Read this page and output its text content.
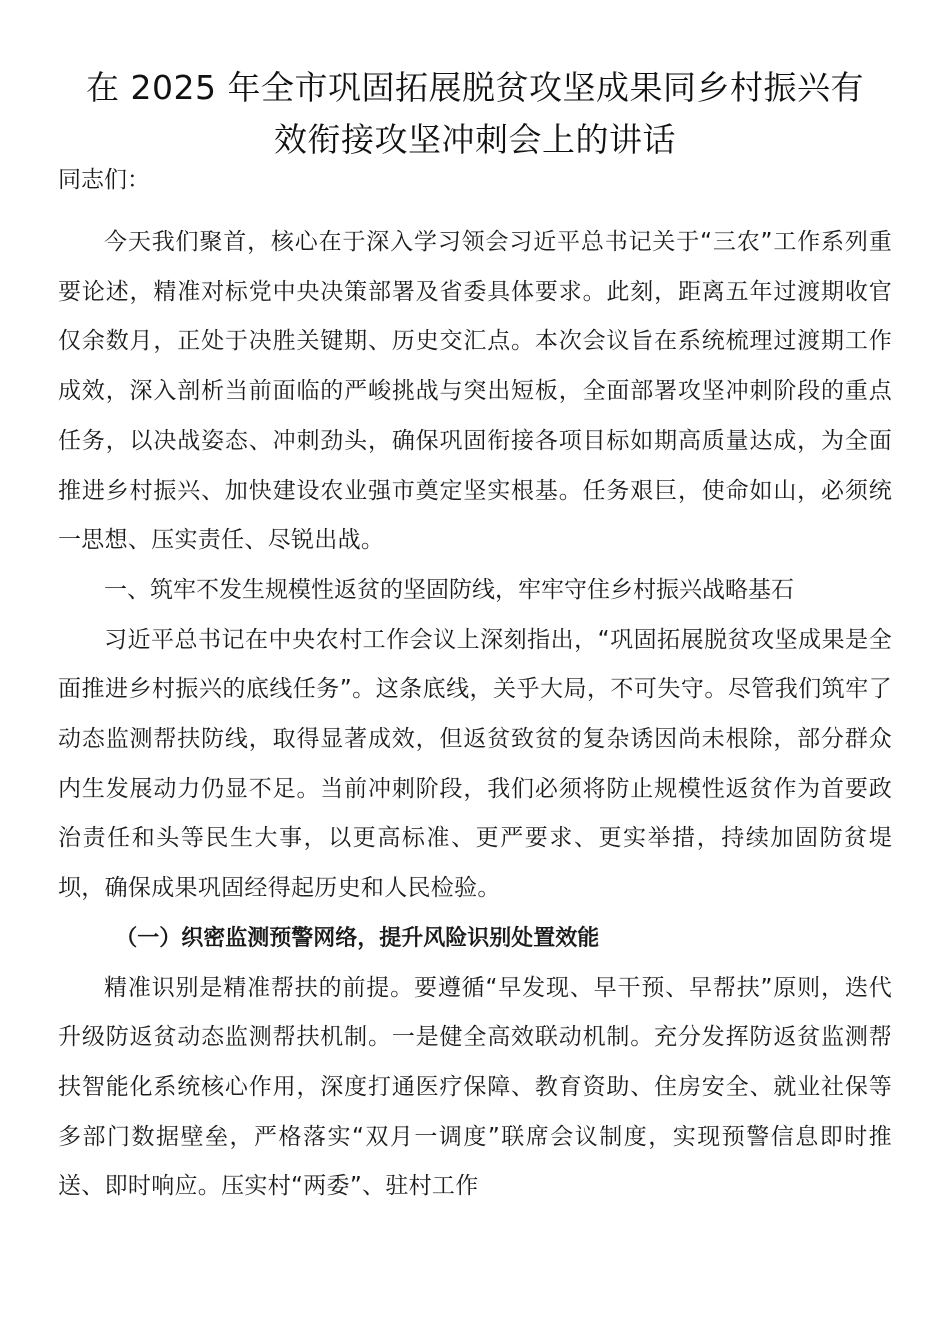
在 2025 年全市巩固拓展脱贫攻坚成果同乡村振兴有
效衔接攻坚冲刺会上的讲话
同志们：

今天我们聚首，核心在于深入学习领会习近平总书记关于“三农”工作系列重要论述，精准对标党中央决策部署及省委具体要求。此刻，距离五年过渡期收官仅余数月，正处于决胜关键期、历史交汇点。本次会议旨在系统梳理过渡期工作成效，深入剖析当前面临的严峻挑战与突出短板，全面部署攻坚冲刺阶段的重点任务，以决战姿态、冲刺劲头，确保巩固衔接各项目标如期高质量达成，为全面推进乡村振兴、加快建设农业强市奠定坚实根基。任务艰巨，使命如山，必须统一思想、压实责任、尽锐出战。

一、筑牢不发生规模性返贫的坚固防线，牢牢守住乡村振兴战略基石

习近平总书记在中央农村工作会议上深刻指出，“巩固拓展脱贫攻坚成果是全面推进乡村振兴的底线任务”。这条底线，关乎大局，不可失守。尽管我们筑牢了动态监测帮扶防线，取得显著成效，但返贫致贫的复杂诱因尚未根除，部分群众内生发展动力仍显不足。当前冲刺阶段，我们必须将防止规模性返贫作为首要政治责任和头等民生大事，以更高标准、更严要求、更实举措，持续加固防贫堤坝，确保成果巩固经得起历史和人民检验。

（一）织密监测预警网络，提升风险识别处置效能

精准识别是精准帮扶的前提。要遵循“早发现、早干预、早帮扶”原则，迭代升级防返贫动态监测帮扶机制。一是健全高效联动机制。充分发挥防返贫监测帮扶智能化系统核心作用，深度打通医疗保障、教育资助、住房安全、就业社保等多部门数据壁垒，严格落实“双月一调度”联席会议制度，实现预警信息即时推送、即时响应。压实村“两委”、驻村工作
